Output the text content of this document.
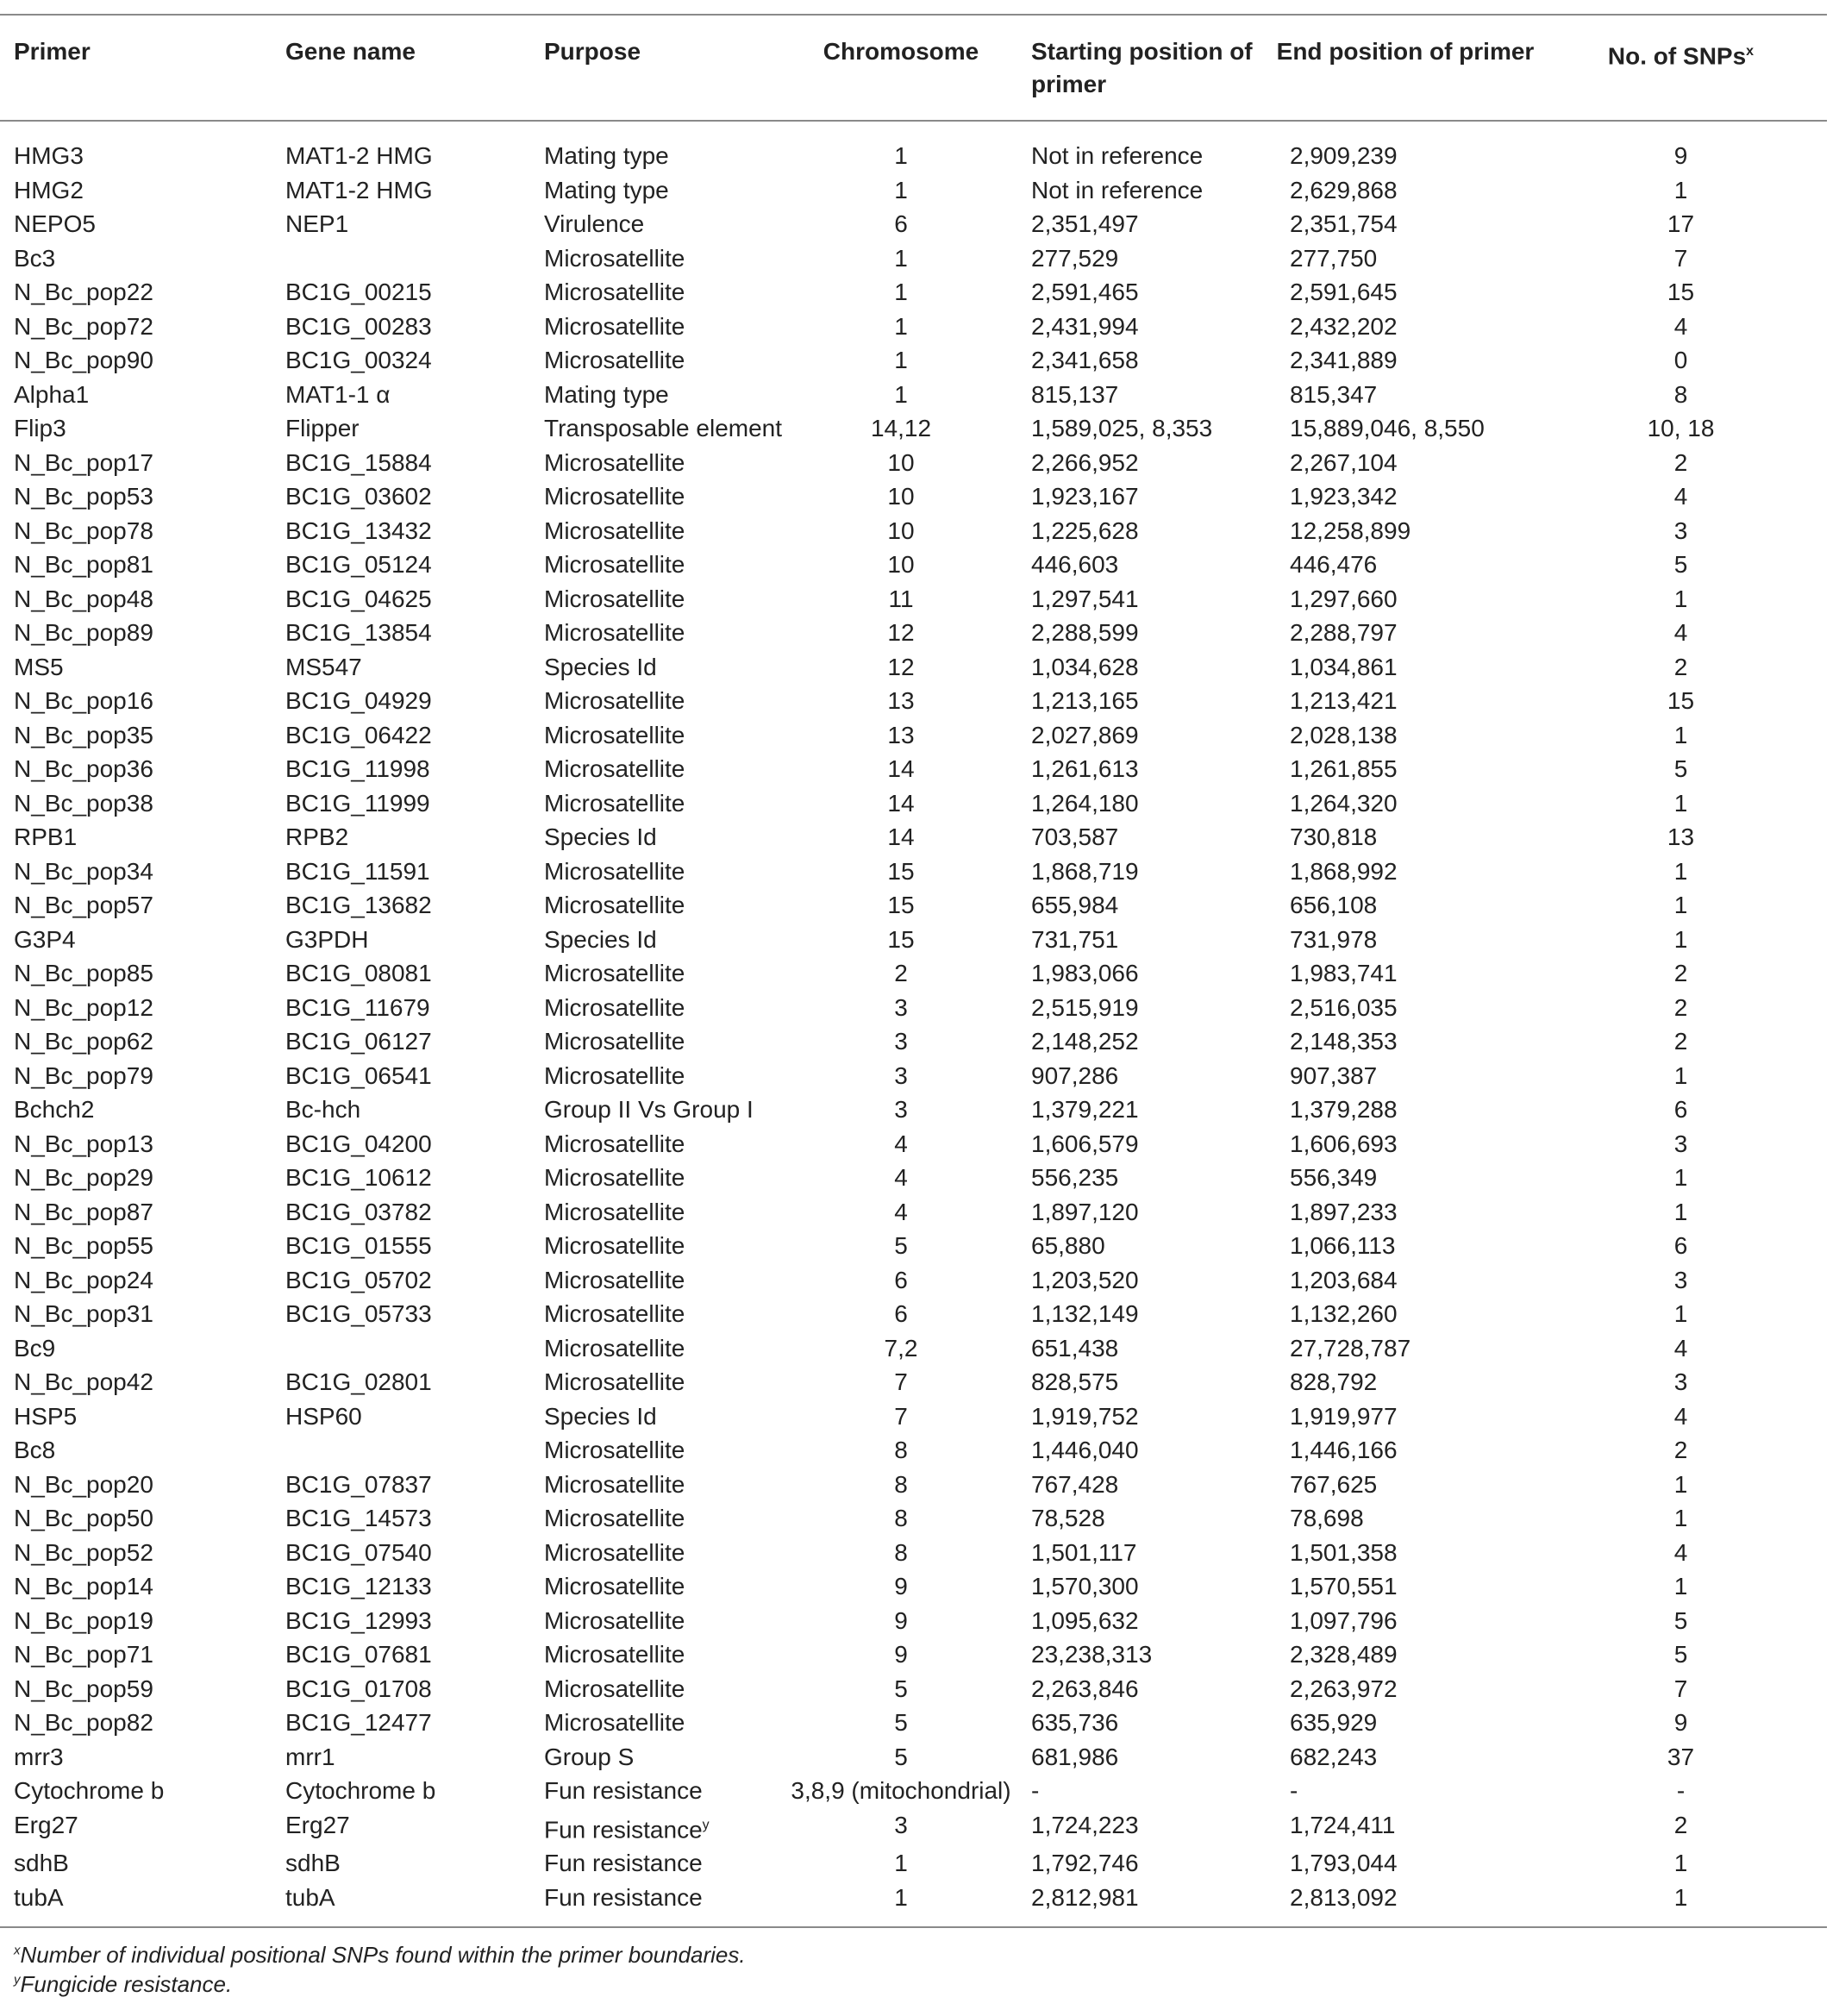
Primer	Gene name	Purpose	Chromosome	Starting position of primer	End position of primer	No. of SNPs$^x$
HMG3	MAT1-2 HMG	Mating type	1	Not in reference	2,909,239	9
HMG2	MAT1-2 HMG	Mating type	1	Not in reference	2,629,868	1
NEPO5	NEP1	Virulence	6	2,351,497	2,351,754	17
Bc3		Microsatellite	1	277,529	277,750	7
N_Bc_pop22	BC1G_00215	Microsatellite	1	2,591,465	2,591,645	15
N_Bc_pop72	BC1G_00283	Microsatellite	1	2,431,994	2,432,202	4
N_Bc_pop90	BC1G_00324	Microsatellite	1	2,341,658	2,341,889	0
Alpha1	MAT1-1 α	Mating type	1	815,137	815,347	8
Flip3	Flipper	Transposable element	14,12	1,589,025, 8,353	15,889,046, 8,550	10, 18
N_Bc_pop17	BC1G_15884	Microsatellite	10	2,266,952	2,267,104	2
N_Bc_pop53	BC1G_03602	Microsatellite	10	1,923,167	1,923,342	4
N_Bc_pop78	BC1G_13432	Microsatellite	10	1,225,628	12,258,899	3
N_Bc_pop81	BC1G_05124	Microsatellite	10	446,603	446,476	5
N_Bc_pop48	BC1G_04625	Microsatellite	11	1,297,541	1,297,660	1
N_Bc_pop89	BC1G_13854	Microsatellite	12	2,288,599	2,288,797	4
MS5	MS547	Species Id	12	1,034,628	1,034,861	2
N_Bc_pop16	BC1G_04929	Microsatellite	13	1,213,165	1,213,421	15
N_Bc_pop35	BC1G_06422	Microsatellite	13	2,027,869	2,028,138	1
N_Bc_pop36	BC1G_11998	Microsatellite	14	1,261,613	1,261,855	5
N_Bc_pop38	BC1G_11999	Microsatellite	14	1,264,180	1,264,320	1
RPB1	RPB2	Species Id	14	703,587	730,818	13
N_Bc_pop34	BC1G_11591	Microsatellite	15	1,868,719	1,868,992	1
N_Bc_pop57	BC1G_13682	Microsatellite	15	655,984	656,108	1
G3P4	G3PDH	Species Id	15	731,751	731,978	1
N_Bc_pop85	BC1G_08081	Microsatellite	2	1,983,066	1,983,741	2
N_Bc_pop12	BC1G_11679	Microsatellite	3	2,515,919	2,516,035	2
N_Bc_pop62	BC1G_06127	Microsatellite	3	2,148,252	2,148,353	2
N_Bc_pop79	BC1G_06541	Microsatellite	3	907,286	907,387	1
Bchch2	Bc-hch	Group II Vs Group I	3	1,379,221	1,379,288	6
N_Bc_pop13	BC1G_04200	Microsatellite	4	1,606,579	1,606,693	3
N_Bc_pop29	BC1G_10612	Microsatellite	4	556,235	556,349	1
N_Bc_pop87	BC1G_03782	Microsatellite	4	1,897,120	1,897,233	1
N_Bc_pop55	BC1G_01555	Microsatellite	5	65,880	1,066,113	6
N_Bc_pop24	BC1G_05702	Microsatellite	6	1,203,520	1,203,684	3
N_Bc_pop31	BC1G_05733	Microsatellite	6	1,132,149	1,132,260	1
Bc9		Microsatellite	7,2	651,438	27,728,787	4
N_Bc_pop42	BC1G_02801	Microsatellite	7	828,575	828,792	3
HSP5	HSP60	Species Id	7	1,919,752	1,919,977	4
Bc8		Microsatellite	8	1,446,040	1,446,166	2
N_Bc_pop20	BC1G_07837	Microsatellite	8	767,428	767,625	1
N_Bc_pop50	BC1G_14573	Microsatellite	8	78,528	78,698	1
N_Bc_pop52	BC1G_07540	Microsatellite	8	1,501,117	1,501,358	4
N_Bc_pop14	BC1G_12133	Microsatellite	9	1,570,300	1,570,551	1
N_Bc_pop19	BC1G_12993	Microsatellite	9	1,095,632	1,097,796	5
N_Bc_pop71	BC1G_07681	Microsatellite	9	23,238,313	2,328,489	5
N_Bc_pop59	BC1G_01708	Microsatellite	5	2,263,846	2,263,972	7
N_Bc_pop82	BC1G_12477	Microsatellite	5	635,736	635,929	9
mrr3	mrr1	Group S	5	681,986	682,243	37
Cytochrome b	Cytochrome b	Fun resistance	3,8,9 (mitochondrial)	-	-	-
Erg27	Erg27	Fun resistance$^y$	3	1,724,223	1,724,411	2
sdhB	sdhB	Fun resistance	1	1,792,746	1,793,044	1
tubA	tubA	Fun resistance	1	2,812,981	2,813,092	1
$^x$Number of individual positional SNPs found within the primer boundaries.
$^y$Fungicide resistance.
